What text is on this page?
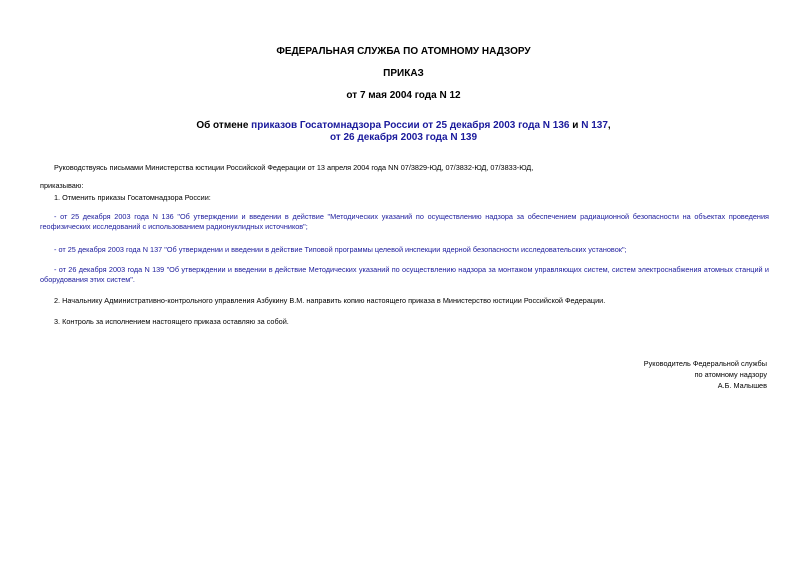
ФЕДЕРАЛЬНАЯ СЛУЖБА ПО АТОМНОМУ НАДЗОРУ
ПРИКАЗ
от 7 мая 2004 года N 12
Об отмене приказов Госатомнадзора России от 25 декабря 2003 года N 136 и N 137,
от 26 декабря 2003 года N 139
Руководствуясь письмами Министерства юстиции Российской Федерации от 13 апреля 2004 года NN 07/3829-ЮД, 07/3832-ЮД, 07/3833-ЮД,
приказываю:
1. Отменить приказы Госатомнадзора России:
- от 25 декабря 2003 года N 136 "Об утверждении и введении в действие "Методических указаний по осуществлению надзора за обеспечением радиационной безопасности на объектах проведения геофизических исследований с использованием радионуклидных источников";
- от 25 декабря 2003 года N 137 "Об утверждении и введении в действие Типовой программы целевой инспекции ядерной безопасности исследовательских установок";
- от 26 декабря 2003 года N 139 "Об утверждении и введении в действие Методических указаний по осуществлению надзора за монтажом управляющих систем, систем электроснабжения атомных станций и оборудования этих систем".
2. Начальнику Административно-контрольного управления Азбукину В.М. направить копию настоящего приказа в Министерство юстиции Российской Федерации.
3. Контроль за исполнением настоящего приказа оставляю за собой.
Руководитель Федеральной службы
по атомному надзору
А.Б. Малышев
